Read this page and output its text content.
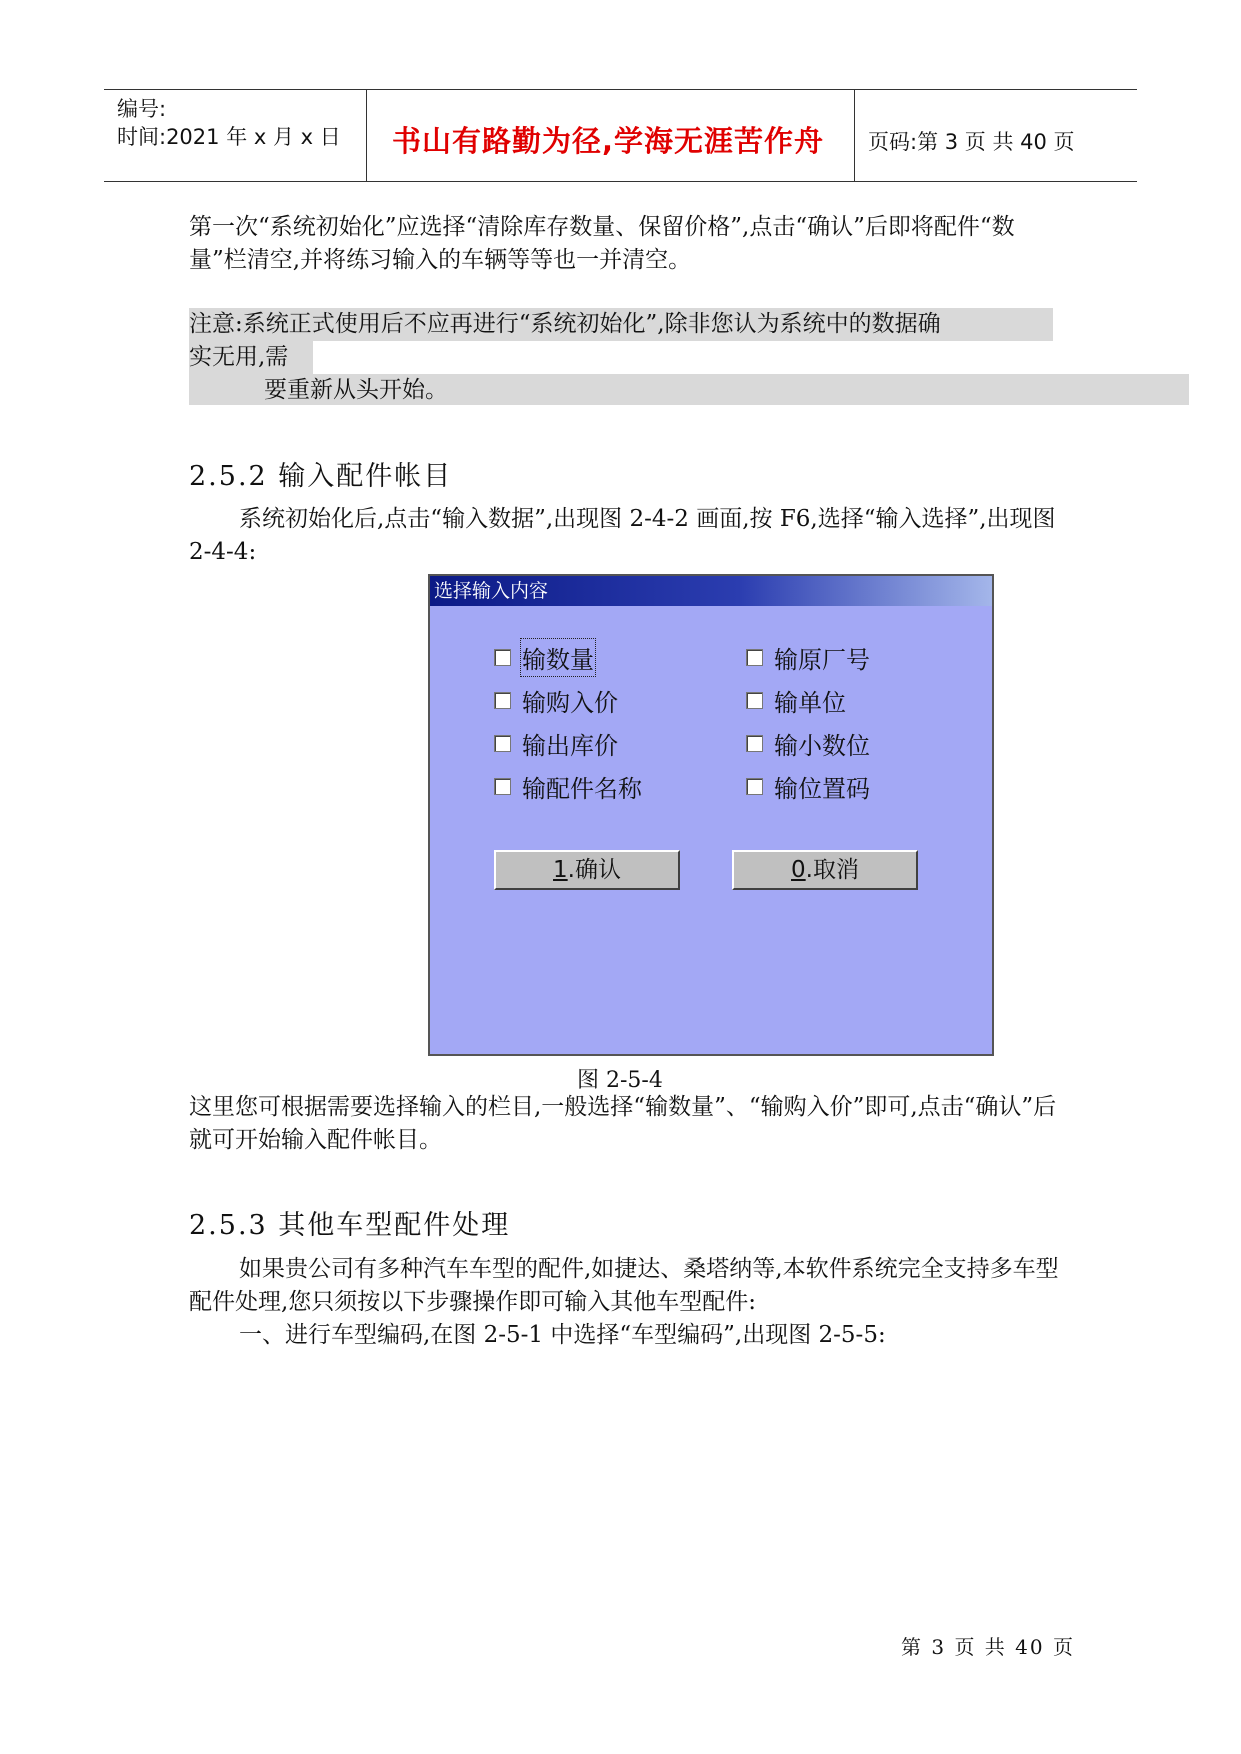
编号:
时间:2021 年 x 月 x 日 书山有路勤为径,学海无涯苦作舟 页码:第 3 页 共 40 页

第一次“系统初始化”应选择“清除库存数量、保留价格”,点击“确认”后即将配件“数量”栏清空,并将练习输入的车辆等等也一并清空。

注意:系统正式使用后不应再进行“系统初始化”,除非您认为系统中的数据确
实无用,需
要重新从头开始。
2.5.2 输入配件帐目

系统初始化后,点击“输入数据”,出现图 2-4-2 画面,按 F6,选择“输入选择”,出现图 2-4-4:

选择输入内容
输数量
输购入价
输出库价
输配件名称
输原厂号
输单位
输小数位
输位置码
1.确认	0.取消
图 2-5-4

这里您可根据需要选择输入的栏目,一般选择“输数量”、“输购入价”即可,点击“确认”后就可开始输入配件帐目。

2.5.3 其他车型配件处理

如果贵公司有多种汽车车型的配件,如捷达、桑塔纳等,本软件系统完全支持多车型配件处理,您只须按以下步骤操作即可输入其他车型配件:

一、进行车型编码,在图 2-5-1 中选择“车型编码”,出现图 2-5-5:

第 3 页 共 40 页
